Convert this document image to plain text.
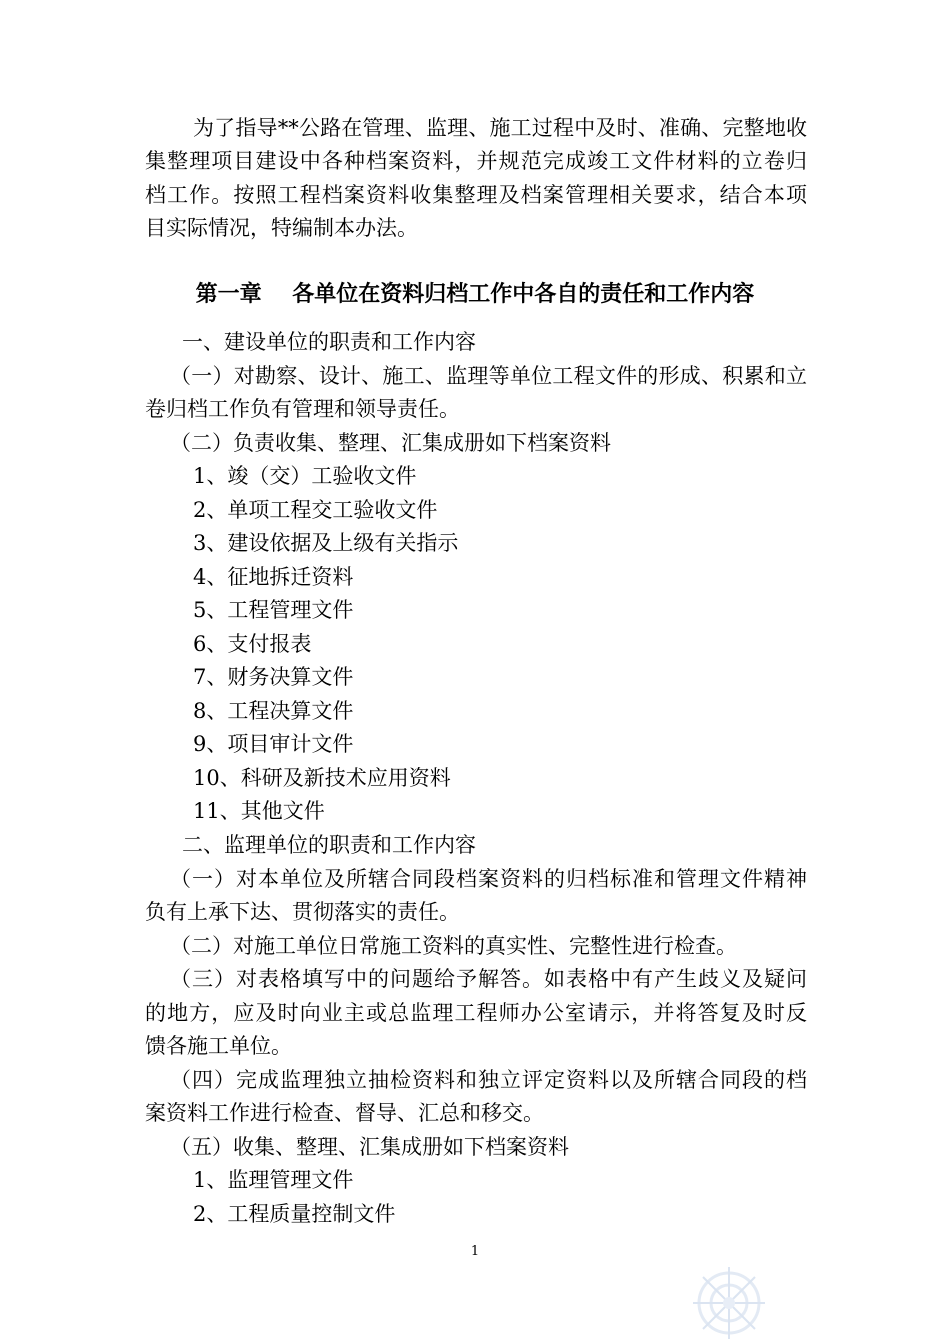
为了指导**公路在管理、监理、施工过程中及时、准确、完整地收
集整理项目建设中各种档案资料，并规范完成竣工文件材料的立卷归
档工作。按照工程档案资料收集整理及档案管理相关要求，结合本项
目实际情况，特编制本办法。
第一章    各单位在资料归档工作中各自的责任和工作内容
一、建设单位的职责和工作内容
（一）对勘察、设计、施工、监理等单位工程文件的形成、积累和立
卷归档工作负有管理和领导责任。
（二）负责收集、整理、汇集成册如下档案资料
1、竣（交）工验收文件
2、单项工程交工验收文件
3、建设依据及上级有关指示
4、征地拆迁资料
5、工程管理文件
6、支付报表
7、财务决算文件
8、工程决算文件
9、项目审计文件
10、科研及新技术应用资料
11、其他文件
二、监理单位的职责和工作内容
（一）对本单位及所辖合同段档案资料的归档标准和管理文件精神
负有上承下达、贯彻落实的责任。
（二）对施工单位日常施工资料的真实性、完整性进行检查。
（三）对表格填写中的问题给予解答。如表格中有产生歧义及疑问
的地方，应及时向业主或总监理工程师办公室请示，并将答复及时反
馈各施工单位。
（四）完成监理独立抽检资料和独立评定资料以及所辖合同段的档
案资料工作进行检查、督导、汇总和移交。
（五）收集、整理、汇集成册如下档案资料
1、监理管理文件
2、工程质量控制文件
1
